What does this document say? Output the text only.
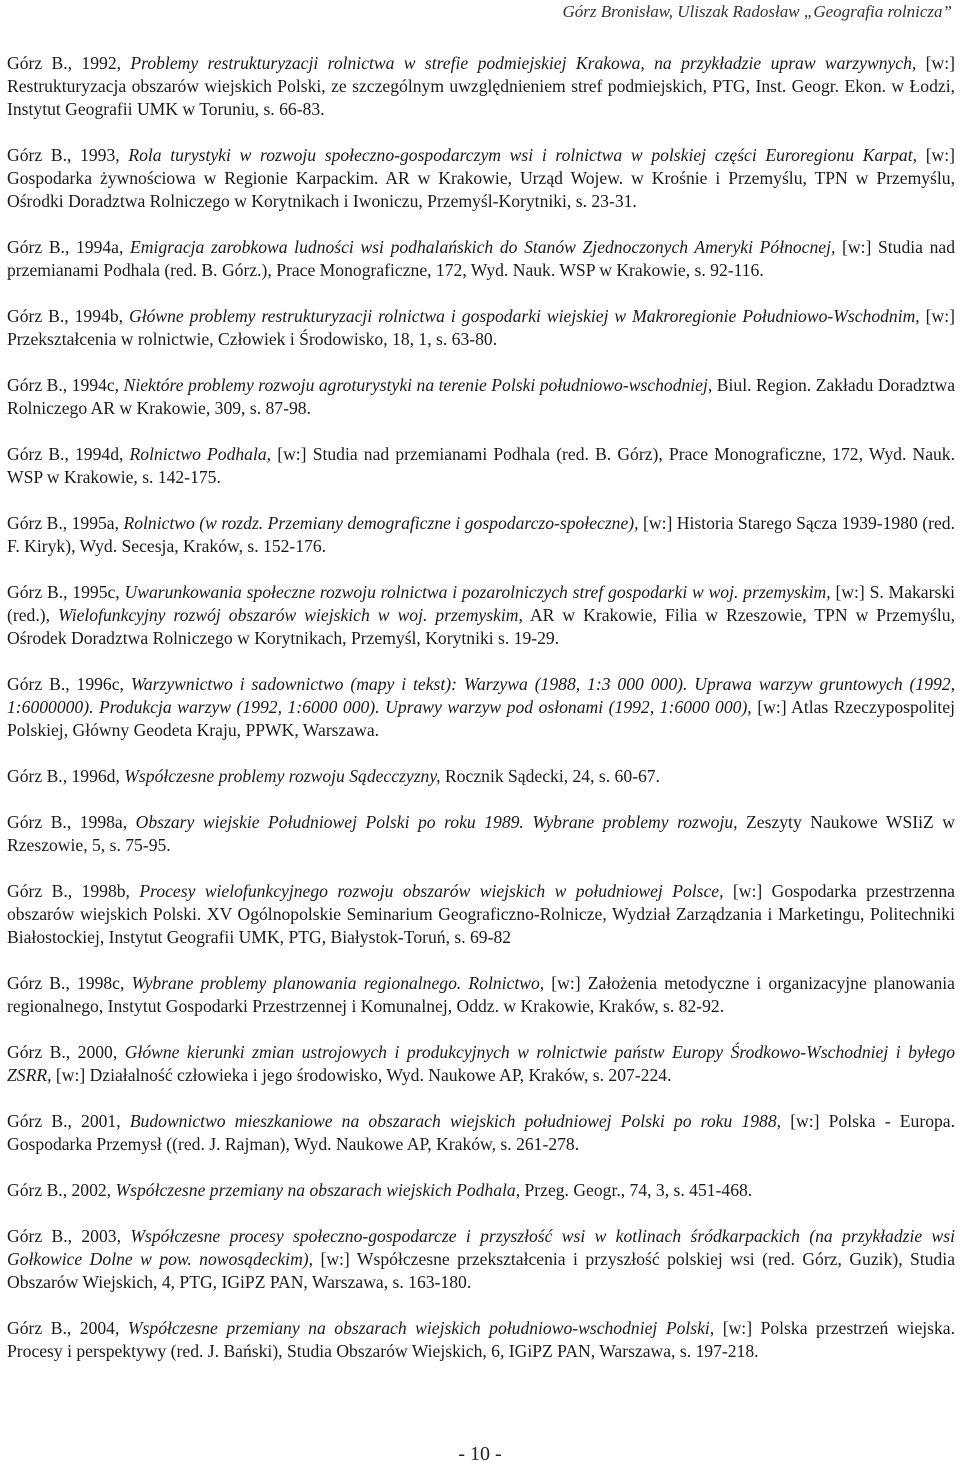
Górz Bronisław, Uliszak Radosław „Geografia rolnicza”

Górz B., 1992, Problemy restrukturyzacji rolnictwa w strefie podmiejskiej Krakowa, na przykładzie upraw warzywnych, [w:] Restrukturyzacja obszarów wiejskich Polski, ze szczególnym uwzględnieniem stref podmiejskich, PTG, Inst. Geogr. Ekon. w Łodzi, Instytut Geografii UMK w Toruniu, s. 66-83.

Górz B., 1993, Rola turystyki w rozwoju społeczno-gospodarczym wsi i rolnictwa w polskiej części Euroregionu Karpat, [w:] Gospodarka żywnościowa w Regionie Karpackim. AR w Krakowie, Urząd Wojew. w Krośnie i Przemyślu, TPN w Przemyślu, Ośrodki Doradztwa Rolniczego w Korytnikach i Iwoniczu, Przemyśl-Korytniki, s. 23-31.

Górz B., 1994a, Emigracja zarobkowa ludności wsi podhalańskich do Stanów Zjednoczonych Ameryki Północnej, [w:] Studia nad przemianami Podhala (red. B. Górz.), Prace Monograficzne, 172, Wyd. Nauk. WSP w Krakowie, s. 92-116.

Górz B., 1994b, Główne problemy restrukturyzacji rolnictwa i gospodarki wiejskiej w Makroregionie Południowo-Wschodnim, [w:] Przekształcenia w rolnictwie, Człowiek i Środowisko, 18, 1, s. 63-80.

Górz B., 1994c, Niektóre problemy rozwoju agroturystyki na terenie Polski południowo-wschodniej, Biul. Region. Zakładu Doradztwa Rolniczego AR w Krakowie, 309, s. 87-98.

Górz B., 1994d, Rolnictwo Podhala, [w:] Studia nad przemianami Podhala (red. B. Górz), Prace Monograficzne, 172, Wyd. Nauk. WSP w Krakowie, s. 142-175.

Górz B., 1995a, Rolnictwo (w rozdz. Przemiany demograficzne i gospodarczo-społeczne), [w:] Historia Starego Sącza 1939-1980 (red. F. Kiryk), Wyd. Secesja, Kraków, s. 152-176.

Górz B., 1995c, Uwarunkowania społeczne rozwoju rolnictwa i pozarolniczych stref gospodarki w woj. przemyskim, [w:] S. Makarski (red.), Wielofunkcyjny rozwój obszarów wiejskich w woj. przemyskim, AR w Krakowie, Filia w Rzeszowie, TPN w Przemyślu, Ośrodek Doradztwa Rolniczego w Korytnikach, Przemyśl, Korytniki s. 19-29.

Górz B., 1996c, Warzywnictwo i sadownictwo (mapy i tekst): Warzywa (1988, 1:3 000 000). Uprawa warzyw gruntowych (1992, 1:6000000). Produkcja warzyw (1992, 1:6000 000). Uprawy warzyw pod osłonami (1992, 1:6000 000), [w:] Atlas Rzeczypospolitej Polskiej, Główny Geodeta Kraju, PPWK, Warszawa.

Górz B., 1996d, Współczesne problemy rozwoju Sądecczyzny, Rocznik Sądecki, 24, s. 60-67.

Górz B., 1998a, Obszary wiejskie Południowej Polski po roku 1989. Wybrane problemy rozwoju, Zeszyty Naukowe WSIiZ w Rzeszowie, 5, s. 75-95.

Górz B., 1998b, Procesy wielofunkcyjnego rozwoju obszarów wiejskich w południowej Polsce, [w:] Gospodarka przestrzenna obszarów wiejskich Polski. XV Ogólnopolskie Seminarium Geograficzno-Rolnicze, Wydział Zarządzania i Marketingu, Politechniki Białostockiej, Instytut Geografii UMK, PTG, Białystok-Toruń, s. 69-82

Górz B., 1998c, Wybrane problemy planowania regionalnego. Rolnictwo, [w:] Założenia metodyczne i organizacyjne planowania regionalnego, Instytut Gospodarki Przestrzennej i Komunalnej, Oddz. w Krakowie, Kraków, s. 82-92.

Górz B., 2000, Główne kierunki zmian ustrojowych i produkcyjnych w rolnictwie państw Europy Środkowo-Wschodniej i byłego ZSRR, [w:] Działalność człowieka i jego środowisko, Wyd. Naukowe AP, Kraków, s. 207-224.

Górz B., 2001, Budownictwo mieszkaniowe na obszarach wiejskich południowej Polski po roku 1988, [w:] Polska - Europa. Gospodarka Przemysł ((red. J. Rajman), Wyd. Naukowe AP, Kraków, s. 261-278.

Górz B., 2002, Współczesne przemiany na obszarach wiejskich Podhala, Przeg. Geogr., 74, 3, s. 451-468.

Górz B., 2003, Współczesne procesy społeczno-gospodarcze i przyszłość wsi w kotlinach śródkarpackich (na przykładzie wsi Gołkowice Dolne w pow. nowosądeckim), [w:] Współczesne przekształcenia i przyszłość polskiej wsi (red. Górz, Guzik), Studia Obszarów Wiejskich, 4, PTG, IGiPZ PAN, Warszawa, s. 163-180.

Górz B., 2004, Współczesne przemiany na obszarach wiejskich południowo-wschodniej Polski, [w:] Polska przestrzeń wiejska. Procesy i perspektywy (red. J. Bański), Studia Obszarów Wiejskich, 6, IGiPZ PAN, Warszawa, s. 197-218.

- 10 -
